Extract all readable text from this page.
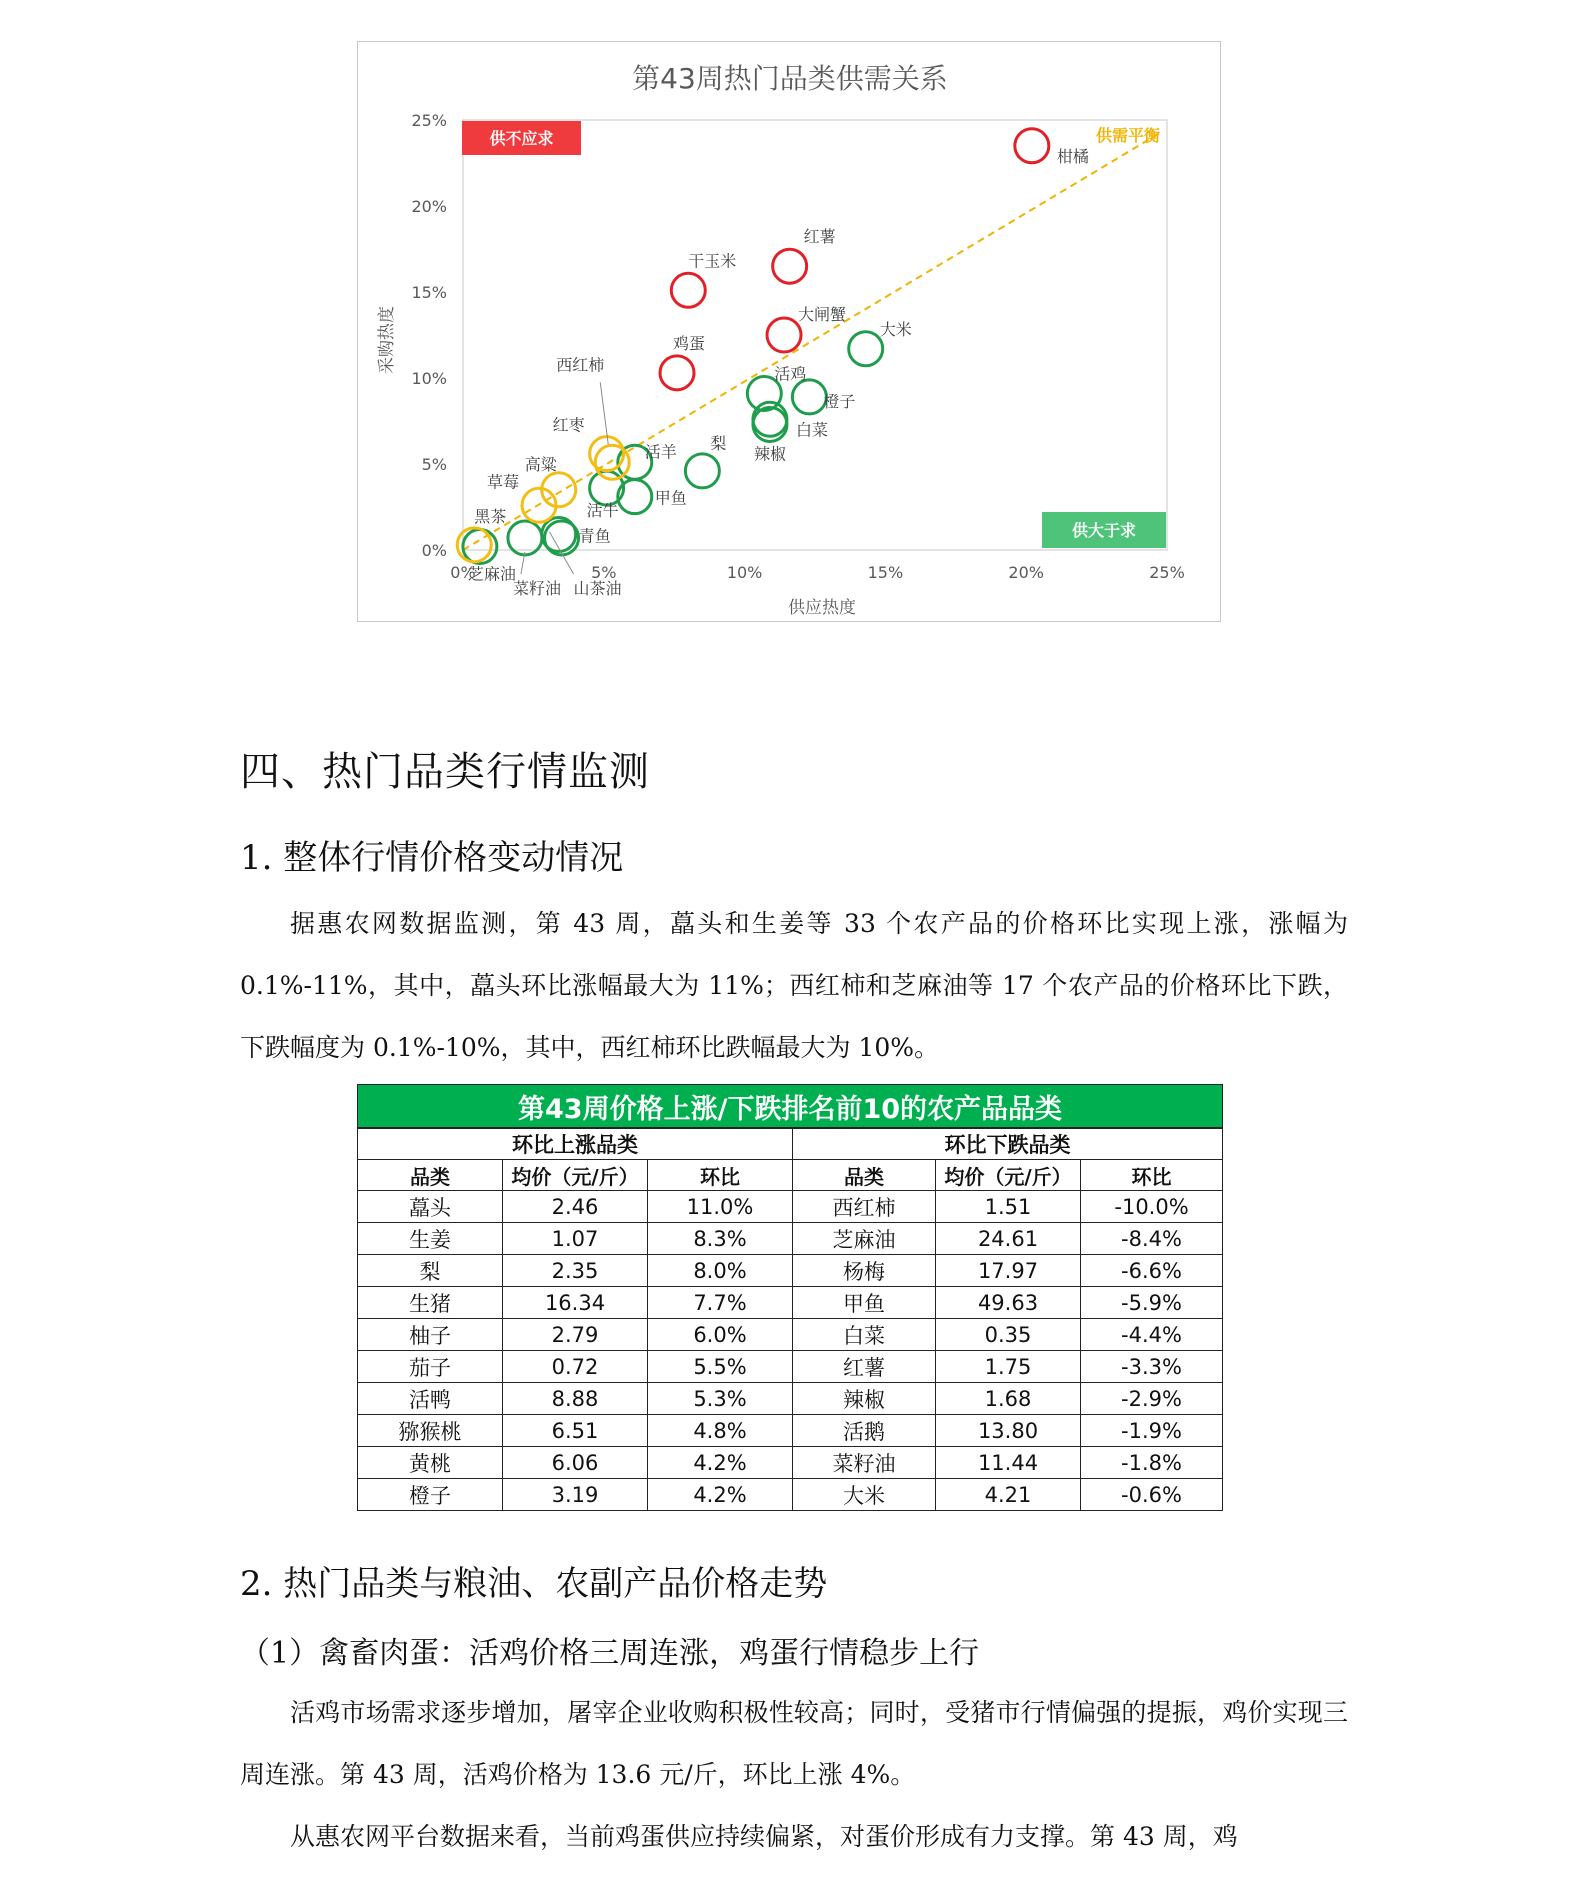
第43周热门品类供需关系
0%	5%	10%	15%	20%	25%
0%
5%
10%
15%
20%
25%
供需平衡
供不应求
供大于求
柑橘
红薯
干玉米
大闸蟹
鸡蛋
大米
活鸡
橙子
白菜
辣椒
梨
活羊
活牛
甲鱼
青鱼
山茶油
菜籽油
芝麻油
西红柿
红枣
高粱
草莓
黑茶
供应热度
采购热度
四、热门品类行情监测
1. 整体行情价格变动情况

据惠农网数据监测，第 43 周，藠头和生姜等 33 个农产品的价格环比实现上涨，涨幅为 0.1%-11%，其中，藠头环比涨幅最大为 11%；西红柿和芝麻油等 17 个农产品的价格环比下跌，下跌幅度为 0.1%-10%，其中，西红柿环比跌幅最大为 10%。

第43周价格上涨/下跌排名前10的农产品品类					
环比上涨品类			环比下跌品类		
品类	均价（元/斤）	环比	品类	均价（元/斤）	环比
藠头	2.46	11.0%	西红柿	1.51	-10.0%
生姜	1.07	8.3%	芝麻油	24.61	-8.4%
梨	2.35	8.0%	杨梅	17.97	-6.6%
生猪	16.34	7.7%	甲鱼	49.63	-5.9%
柚子	2.79	6.0%	白菜	0.35	-4.4%
茄子	0.72	5.5%	红薯	1.75	-3.3%
活鸭	8.88	5.3%	辣椒	1.68	-2.9%
猕猴桃	6.51	4.8%	活鹅	13.80	-1.9%
黄桃	6.06	4.2%	菜籽油	11.44	-1.8%
橙子	3.19	4.2%	大米	4.21	-0.6%
2. 热门品类与粮油、农副产品价格走势
（1）禽畜肉蛋：活鸡价格三周连涨，鸡蛋行情稳步上行

活鸡市场需求逐步增加，屠宰企业收购积极性较高；同时，受猪市行情偏强的提振，鸡价实现三周连涨。第 43 周，活鸡价格为 13.6 元/斤，环比上涨 4%。

从惠农网平台数据来看，当前鸡蛋供应持续偏紧，对蛋价形成有力支撑。第 43 周，鸡
